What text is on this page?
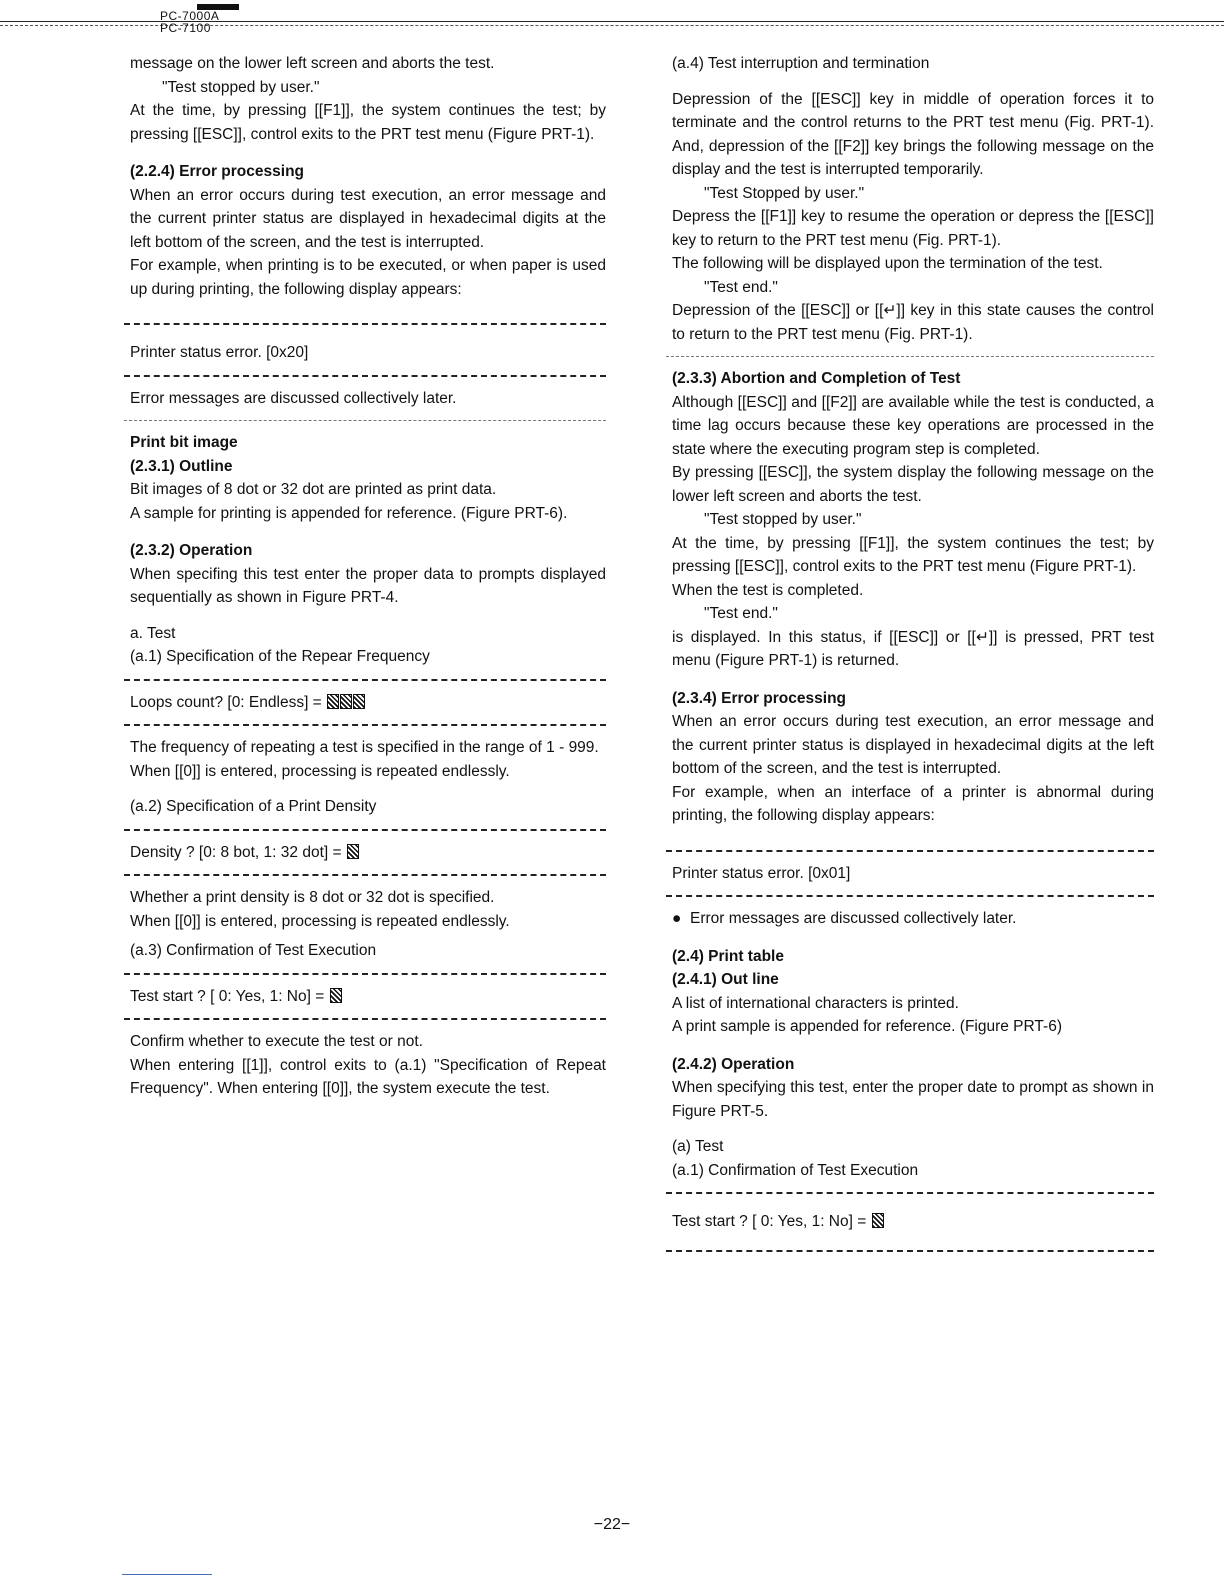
PC-7000A
PC-7100

message on the lower left screen and aborts the test.

"Test stopped by user."

At the time, by pressing [[F1]], the system continues the test; by pressing [[ESC]], control exits to the PRT test menu (Figure PRT-1).

(2.2.4) Error processing

When an error occurs during test execution, an error message and the current printer status are displayed in hexadecimal digits at the left bottom of the screen, and the test is interrupted.

For example, when printing is to be executed, or when paper is used up during printing, the following display appears:

Printer status error. [0x20]

Error messages are discussed collectively later.

Print bit image

(2.3.1) Outline

Bit images of 8 dot or 32 dot are printed as print data.

A sample for printing is appended for reference. (Figure PRT-6).

(2.3.2) Operation

When specifing this test enter the proper data to prompts displayed sequentially as shown in Figure PRT-4.

a. Test

(a.1) Specification of the Repear Frequency

Loops count? [0: Endless] =

The frequency of repeating a test is specified in the range of 1 - 999.

When [[0]] is entered, processing is repeated endlessly.

(a.2) Specification of a Print Density

Density ? [0: 8 bot, 1: 32 dot] =

Whether a print density is 8 dot or 32 dot is specified.

When [[0]] is entered, processing is repeated endlessly.

(a.3) Confirmation of Test Execution

Test start ? [ 0: Yes, 1: No] =

Confirm whether to execute the test or not.

When entering [[1]], control exits to (a.1) "Specification of Repeat Frequency". When entering [[0]], the system execute the test.

(a.4) Test interruption and termination

Depression of the [[ESC]] key in middle of operation forces it to terminate and the control returns to the PRT test menu (Fig. PRT-1). And, depression of the [[F2]] key brings the following message on the display and the test is interrupted temporarily.

"Test Stopped by user."

Depress the [[F1]] key to resume the operation or depress the [[ESC]] key to return to the PRT test menu (Fig. PRT-1).

The following will be displayed upon the termination of the test.

"Test end."

Depression of the [[ESC]] or [[↵]] key in this state causes the control to return to the PRT test menu (Fig. PRT-1).

(2.3.3) Abortion and Completion of Test

Although [[ESC]] and [[F2]] are available while the test is conducted, a time lag occurs because these key operations are processed in the state where the executing program step is completed.

By pressing [[ESC]], the system display the following message on the lower left screen and aborts the test.

"Test stopped by user."

At the time, by pressing [[F1]], the system continues the test; by pressing [[ESC]], control exits to the PRT test menu (Figure PRT-1).

When the test is completed.

"Test end."

is displayed. In this status, if [[ESC]] or [[↵]] is pressed, PRT test menu (Figure PRT-1) is returned.

(2.3.4) Error processing

When an error occurs during test execution, an error message and the current printer status is displayed in hexadecimal digits at the left bottom of the screen, and the test is interrupted.

For example, when an interface of a printer is abnormal during printing, the following display appears:

Printer status error. [0x01]

●  Error messages are discussed collectively later.

(2.4) Print table

(2.4.1) Out line

A list of international characters is printed.

A print sample is appended for reference. (Figure PRT-6)

(2.4.2) Operation

When specifying this test, enter the proper date to prompt as shown in Figure PRT-5.

(a) Test

(a.1) Confirmation of Test Execution

Test start ? [ 0: Yes, 1: No] =

−22−
